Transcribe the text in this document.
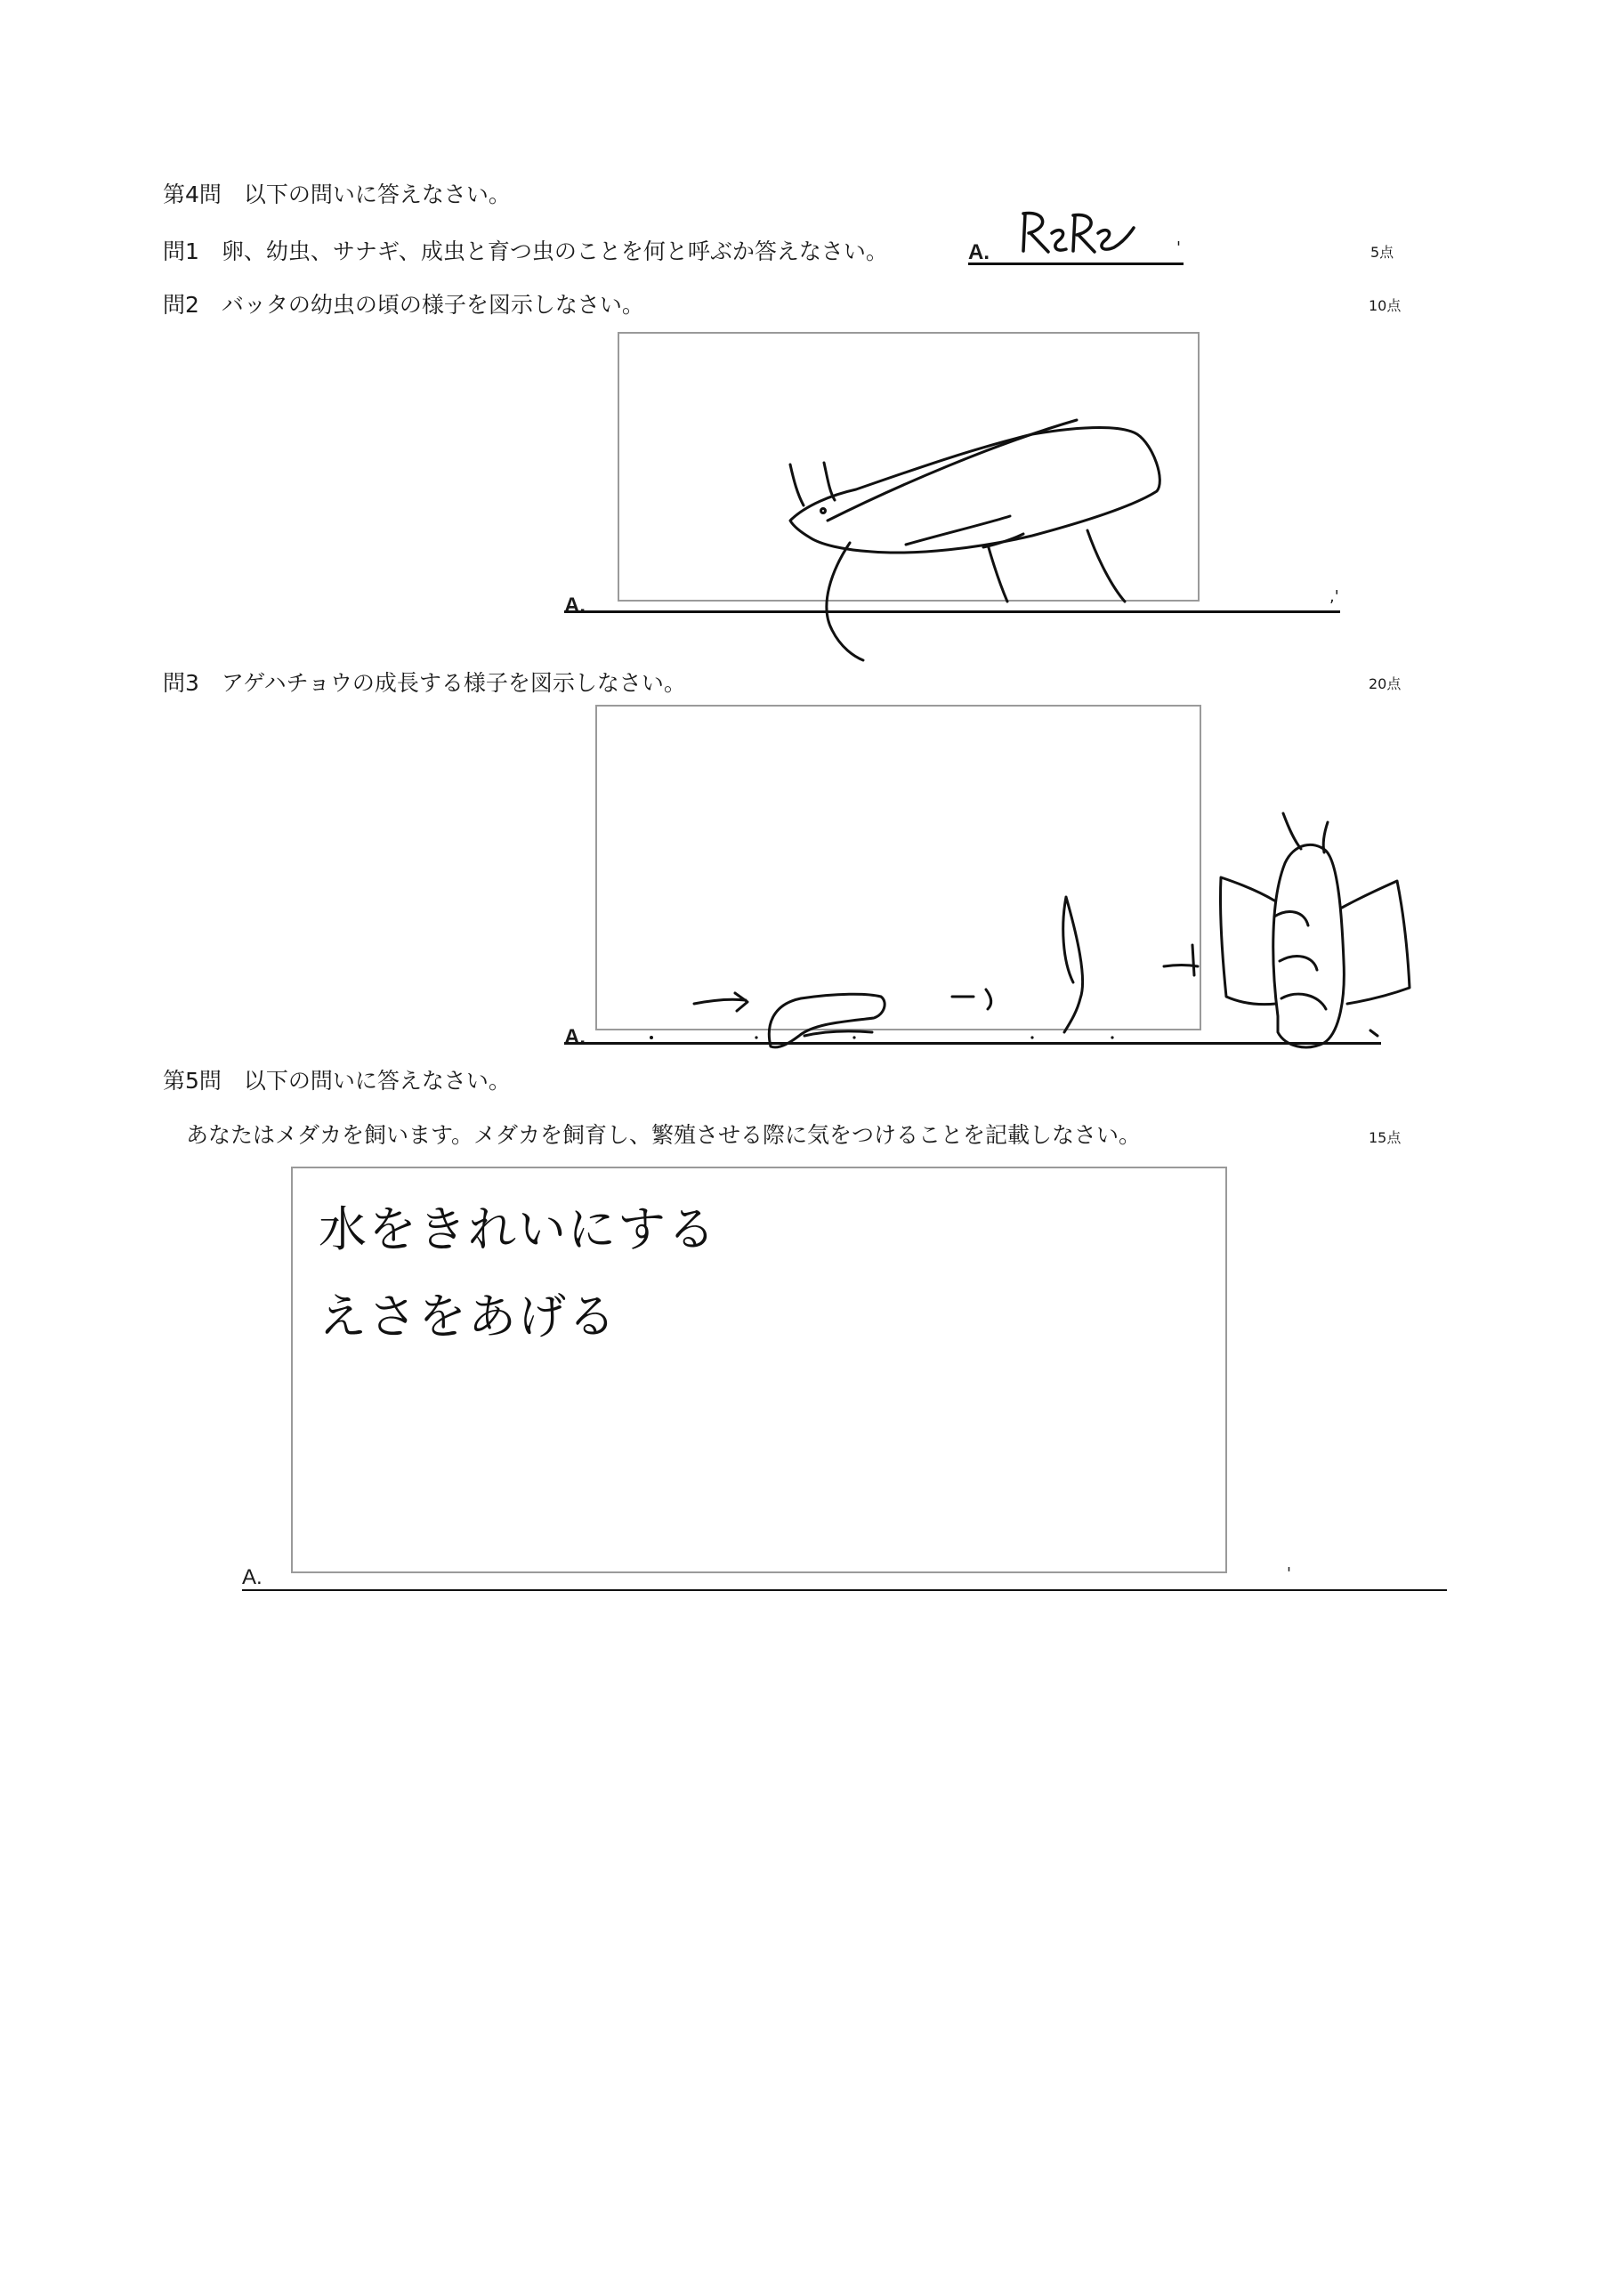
第4問　以下の問いに答えなさい。
問1　卵、幼虫、サナギ、成虫と育つ虫のことを何と呼ぶか答えなさい。	5点
A.	'
問2　バッタの幼虫の頃の様子を図示しなさい。	10点
A.	,'
問3　アゲハチョウの成長する様子を図示しなさい。	20点
A.
第5問　以下の問いに答えなさい。
あなたはメダカを飼います。メダカを飼育し、繁殖させる際に気をつけることを記載しなさい。	15点
水をきれいにする
えさをあげる
A.	'
